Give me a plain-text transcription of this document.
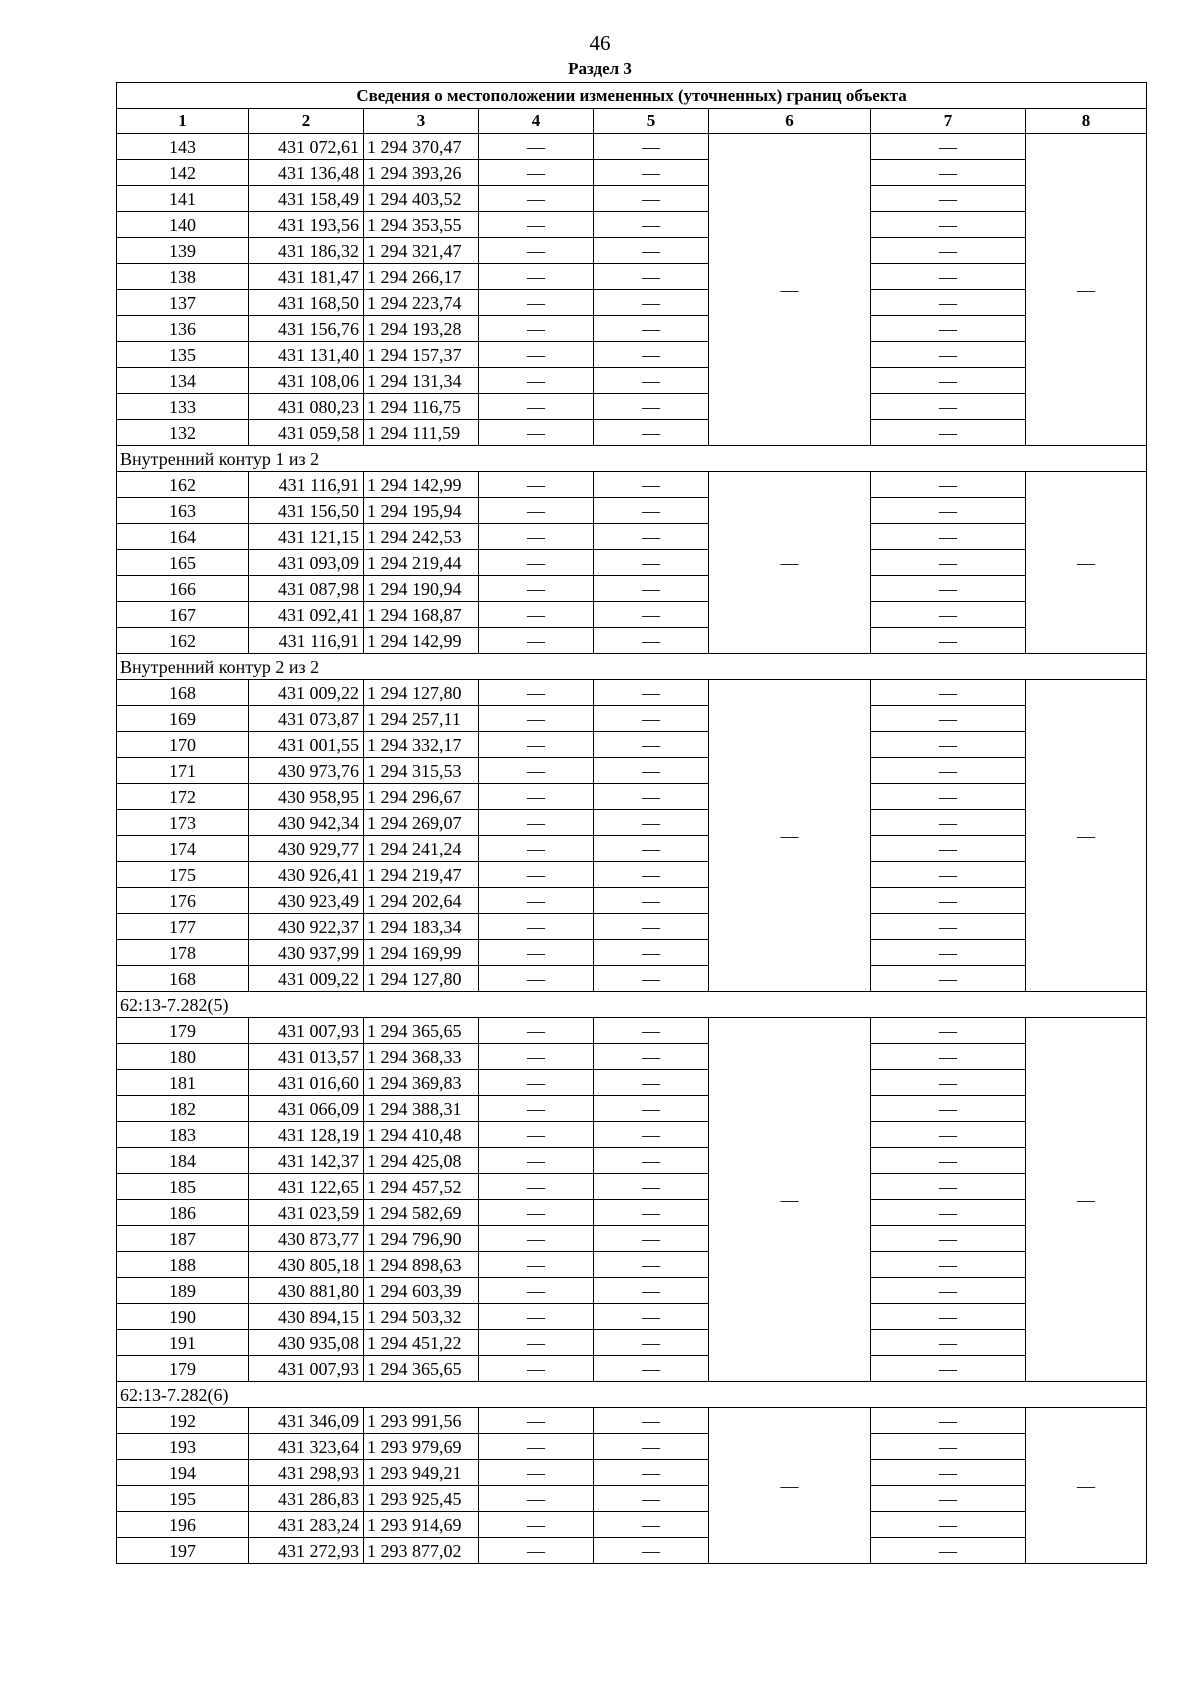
46
Раздел 3
Сведения о местоположении измененных (уточненных) границ объекта							
1	2	3	4	5	6	7	8
143	431 072,61	1 294 370,47	—	—	—	—	—
142	431 136,48	1 294 393,26	—	—		—	
141	431 158,49	1 294 403,52	—	—		—	
140	431 193,56	1 294 353,55	—	—		—	
139	431 186,32	1 294 321,47	—	—		—	
138	431 181,47	1 294 266,17	—	—		—	
137	431 168,50	1 294 223,74	—	—		—	
136	431 156,76	1 294 193,28	—	—		—	
135	431 131,40	1 294 157,37	—	—		—	
134	431 108,06	1 294 131,34	—	—		—	
133	431 080,23	1 294 116,75	—	—		—	
132	431 059,58	1 294 111,59	—	—		—	
Внутренний контур 1 из 2							
162	431 116,91	1 294 142,99	—	—	—	—	—
163	431 156,50	1 294 195,94	—	—		—	
164	431 121,15	1 294 242,53	—	—		—	
165	431 093,09	1 294 219,44	—	—		—	
166	431 087,98	1 294 190,94	—	—		—	
167	431 092,41	1 294 168,87	—	—		—	
162	431 116,91	1 294 142,99	—	—		—	
Внутренний контур 2 из 2							
168	431 009,22	1 294 127,80	—	—	—	—	—
169	431 073,87	1 294 257,11	—	—		—	
170	431 001,55	1 294 332,17	—	—		—	
171	430 973,76	1 294 315,53	—	—		—	
172	430 958,95	1 294 296,67	—	—		—	
173	430 942,34	1 294 269,07	—	—		—	
174	430 929,77	1 294 241,24	—	—		—	
175	430 926,41	1 294 219,47	—	—		—	
176	430 923,49	1 294 202,64	—	—		—	
177	430 922,37	1 294 183,34	—	—		—	
178	430 937,99	1 294 169,99	—	—		—	
168	431 009,22	1 294 127,80	—	—		—	
62:13-7.282(5)							
179	431 007,93	1 294 365,65	—	—	—	—	—
180	431 013,57	1 294 368,33	—	—		—	
181	431 016,60	1 294 369,83	—	—		—	
182	431 066,09	1 294 388,31	—	—		—	
183	431 128,19	1 294 410,48	—	—		—	
184	431 142,37	1 294 425,08	—	—		—	
185	431 122,65	1 294 457,52	—	—		—	
186	431 023,59	1 294 582,69	—	—		—	
187	430 873,77	1 294 796,90	—	—		—	
188	430 805,18	1 294 898,63	—	—		—	
189	430 881,80	1 294 603,39	—	—		—	
190	430 894,15	1 294 503,32	—	—		—	
191	430 935,08	1 294 451,22	—	—		—	
179	431 007,93	1 294 365,65	—	—		—	
62:13-7.282(6)							
192	431 346,09	1 293 991,56	—	—	—	—	—
193	431 323,64	1 293 979,69	—	—		—	
194	431 298,93	1 293 949,21	—	—		—	
195	431 286,83	1 293 925,45	—	—		—	
196	431 283,24	1 293 914,69	—	—		—	
197	431 272,93	1 293 877,02	—	—		—	
